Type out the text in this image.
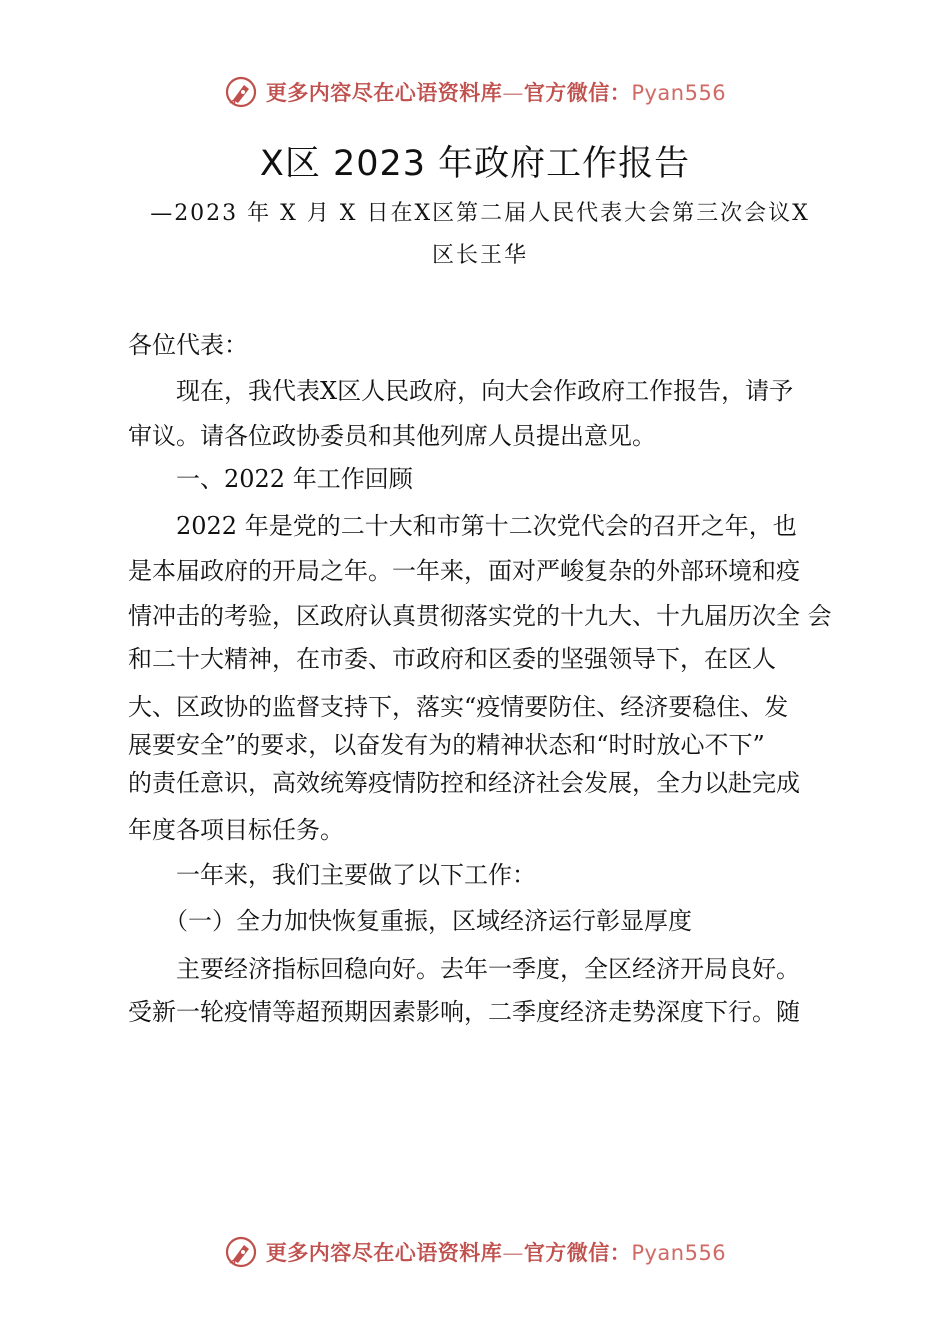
更多内容尽在心语资料库—官方微信：Pyan556
X区 2023 年政府工作报告
—2023 年 X 月 X 日在X区第二届人民代表大会第三次会议X
区长王华
各位代表：
　　现在，我代表X区人民政府，向大会作政府工作报告，请予
审议。请各位政协委员和其他列席人员提出意见。
　　一、2022 年工作回顾
　　2022 年是党的二十大和市第十二次党代会的召开之年，也
是本届政府的开局之年。一年来，面对严峻复杂的外部环境和疫
情冲击的考验，区政府认真贯彻落实党的十九大、十九届历次全 会
和二十大精神，在市委、市政府和区委的坚强领导下，在区人
大、区政协的监督支持下，落实“疫情要防住、经济要稳住、发
展要安全”的要求，以奋发有为的精神状态和“时时放心不下”
的责任意识，高效统筹疫情防控和经济社会发展，全力以赴完成
年度各项目标任务。
　　一年来，我们主要做了以下工作：
　　（一）全力加快恢复重振，区域经济运行彰显厚度
　　主要经济指标回稳向好。去年一季度，全区经济开局良好。
受新一轮疫情等超预期因素影响，二季度经济走势深度下行。随
更多内容尽在心语资料库—官方微信：Pyan556
